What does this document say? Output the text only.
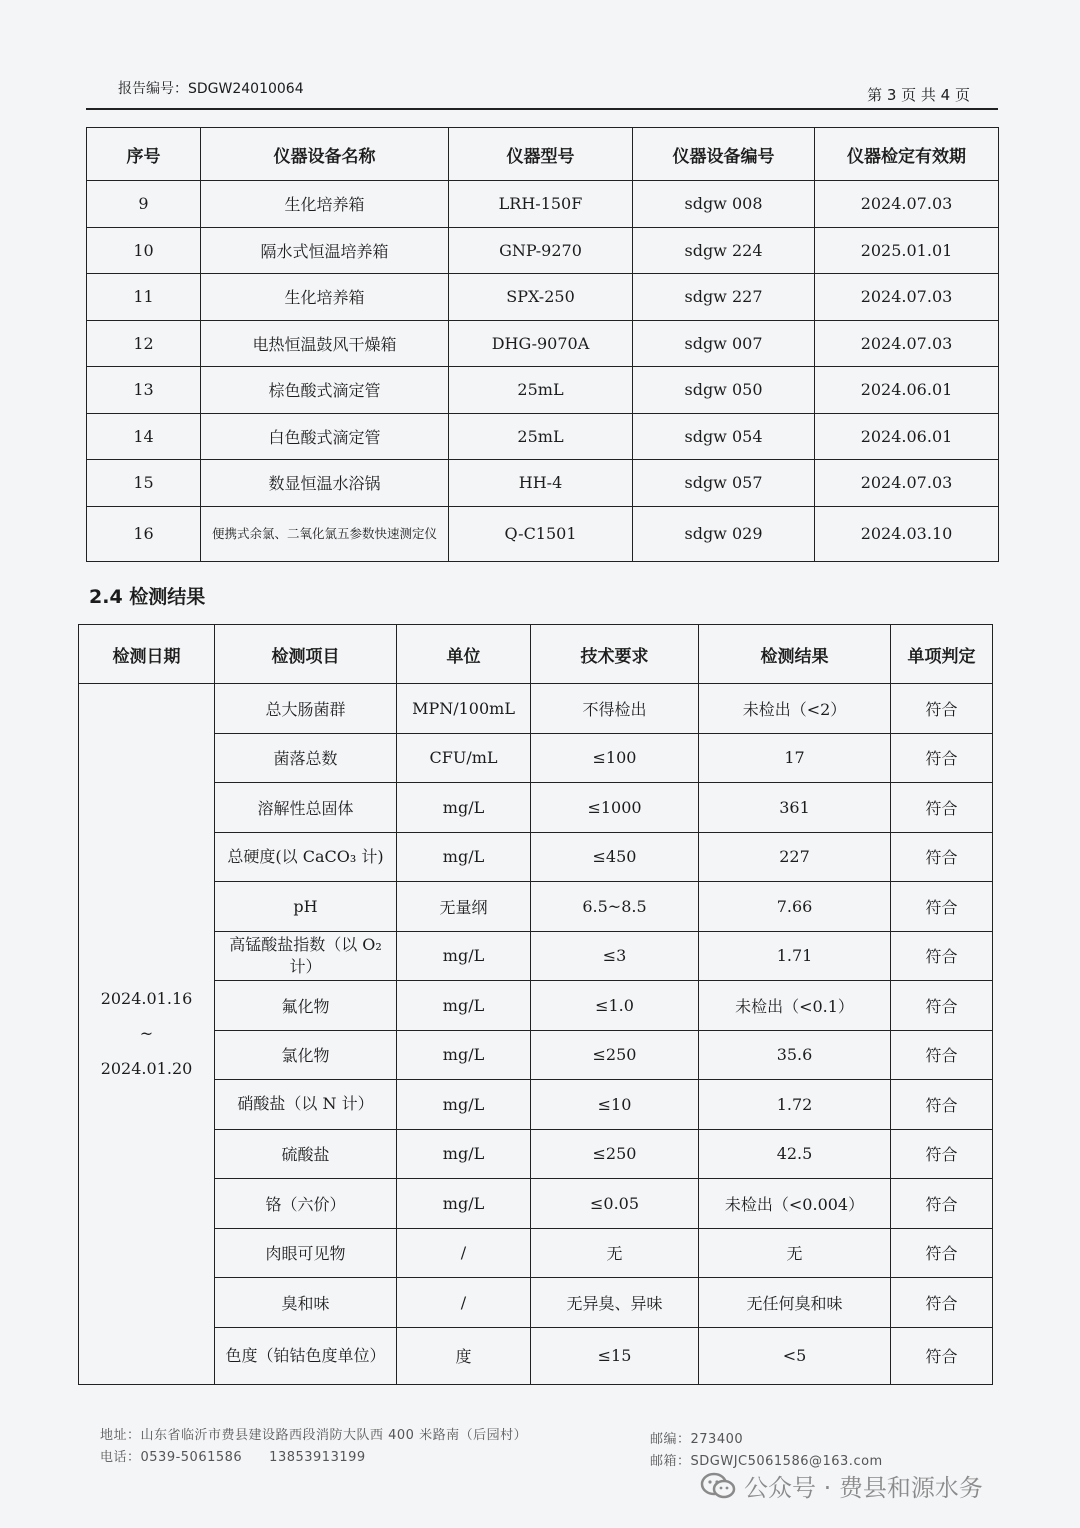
报告编号：SDGW24010064	第 3 页 共 4 页
序号	仪器设备名称	仪器型号	仪器设备编号	仪器检定有效期
9	生化培养箱	LRH-150F	sdgw 008	2024.07.03
10	隔水式恒温培养箱	GNP-9270	sdgw 224	2025.01.01
11	生化培养箱	SPX-250	sdgw 227	2024.07.03
12	电热恒温鼓风干燥箱	DHG-9070A	sdgw 007	2024.07.03
13	棕色酸式滴定管	25mL	sdgw 050	2024.06.01
14	白色酸式滴定管	25mL	sdgw 054	2024.06.01
15	数显恒温水浴锅	HH-4	sdgw 057	2024.07.03
16	便携式余氯、二氧化氯五参数快速测定仪	Q-C1501	sdgw 029	2024.03.10
2.4 检测结果
检测日期	检测项目	单位	技术要求	检测结果	单项判定

2024.01.16
~
2024.01.20	总大肠菌群	MPN/100mL	不得检出	未检出（<2）	符合
	菌落总数	CFU/mL	≤100	17	符合
	溶解性总固体	mg/L	≤1000	361	符合
	总硬度(以 CaCO₃ 计)	mg/L	≤450	227	符合
	pH	无量纲	6.5~8.5	7.66	符合
	高锰酸盐指数（以 O₂ 计）	mg/L	≤3	1.71	符合
	氟化物	mg/L	≤1.0	未检出（<0.1）	符合
	氯化物	mg/L	≤250	35.6	符合
	硝酸盐（以 N 计）	mg/L	≤10	1.72	符合
	硫酸盐	mg/L	≤250	42.5	符合
	铬（六价）	mg/L	≤0.05	未检出（<0.004）	符合
	肉眼可见物	/	无	无	符合
	臭和味	/	无异臭、异味	无任何臭和味	符合
	色度（铂钴色度单位）	度	≤15	<5	符合
地址：山东省临沂市费县建设路西段消防大队西 400 米路南（后园村）
电话：0539-5061586　　13853913199
邮编：273400
邮箱：SDGWJC5061586@163.com
公众号 · 费县和源水务
